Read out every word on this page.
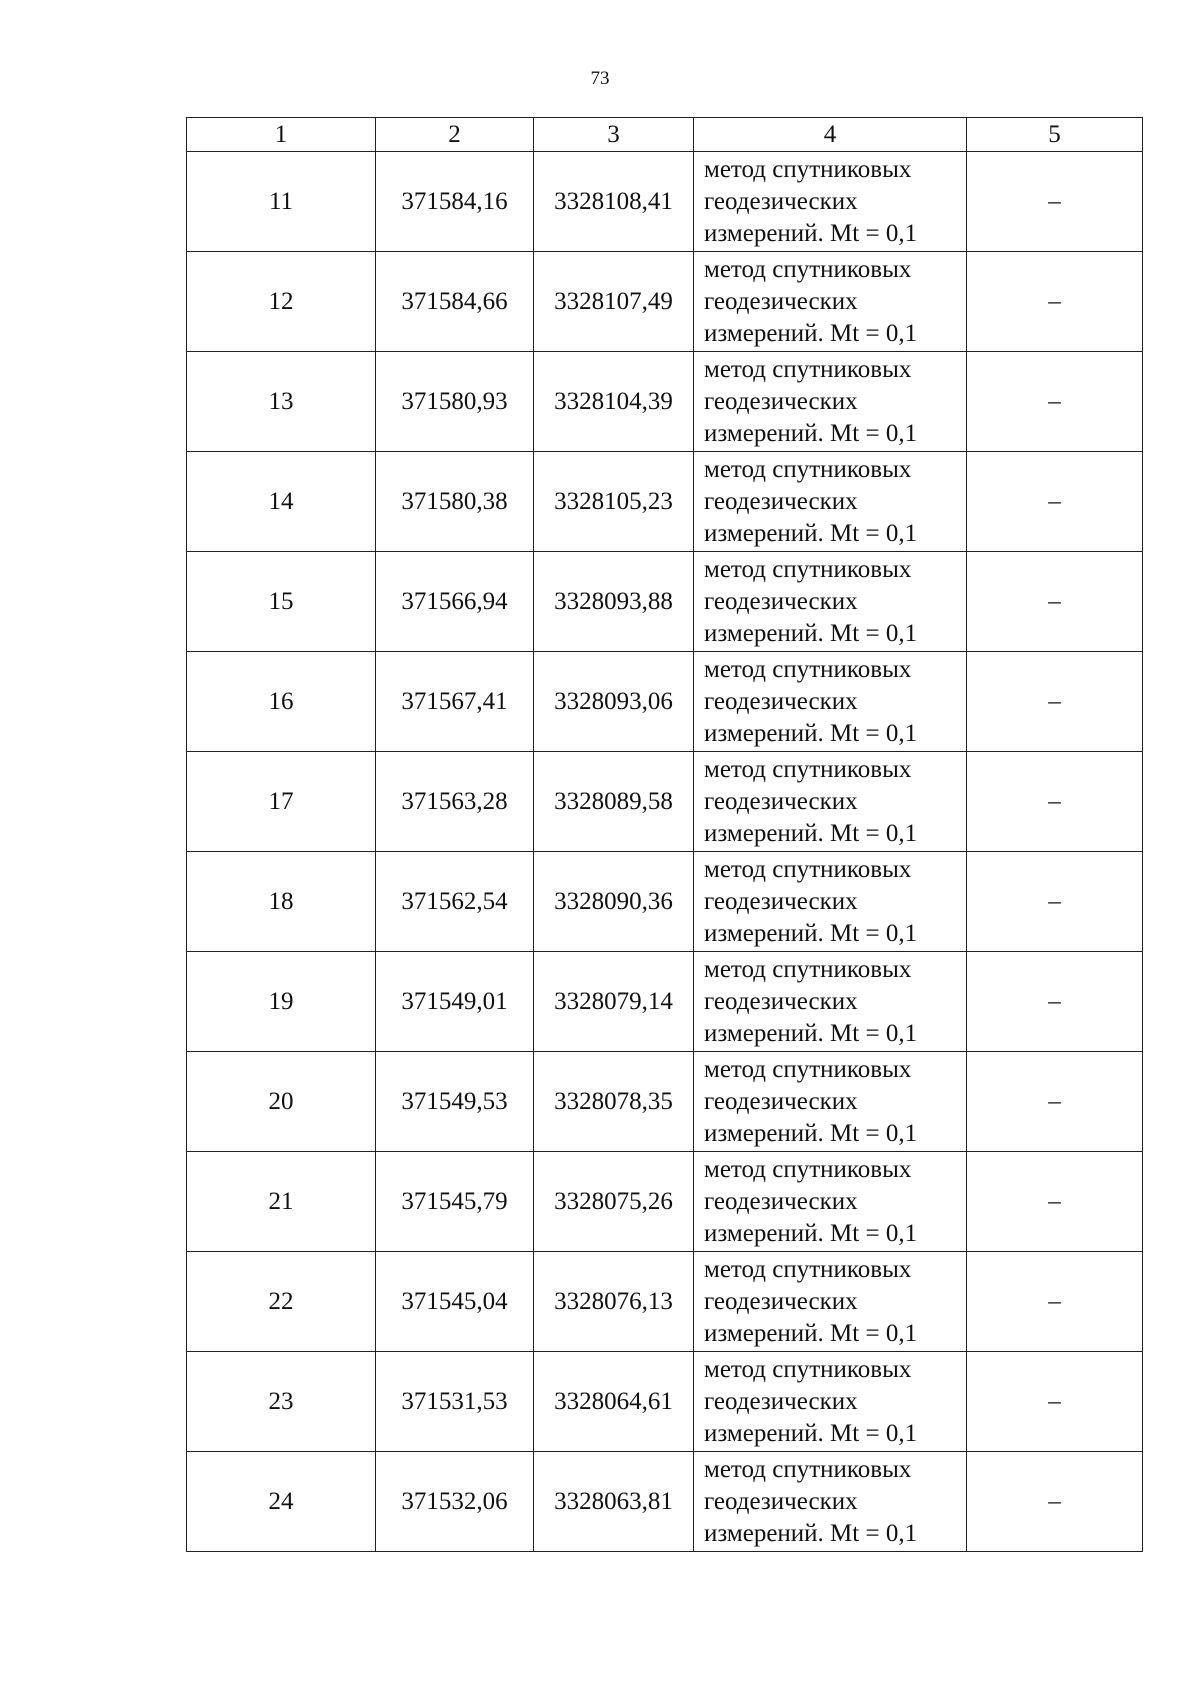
73
1	2	3	4	5
11	371584,16	3328108,41	метод спутниковых
геодезических
измерений. Mt = 0,1	–
12	371584,66	3328107,49	метод спутниковых
геодезических
измерений. Mt = 0,1	–
13	371580,93	3328104,39	метод спутниковых
геодезических
измерений. Mt = 0,1	–
14	371580,38	3328105,23	метод спутниковых
геодезических
измерений. Mt = 0,1	–
15	371566,94	3328093,88	метод спутниковых
геодезических
измерений. Mt = 0,1	–
16	371567,41	3328093,06	метод спутниковых
геодезических
измерений. Mt = 0,1	–
17	371563,28	3328089,58	метод спутниковых
геодезических
измерений. Mt = 0,1	–
18	371562,54	3328090,36	метод спутниковых
геодезических
измерений. Mt = 0,1	–
19	371549,01	3328079,14	метод спутниковых
геодезических
измерений. Mt = 0,1	–
20	371549,53	3328078,35	метод спутниковых
геодезических
измерений. Mt = 0,1	–
21	371545,79	3328075,26	метод спутниковых
геодезических
измерений. Mt = 0,1	–
22	371545,04	3328076,13	метод спутниковых
геодезических
измерений. Mt = 0,1	–
23	371531,53	3328064,61	метод спутниковых
геодезических
измерений. Mt = 0,1	–
24	371532,06	3328063,81	метод спутниковых
геодезических
измерений. Mt = 0,1	–
